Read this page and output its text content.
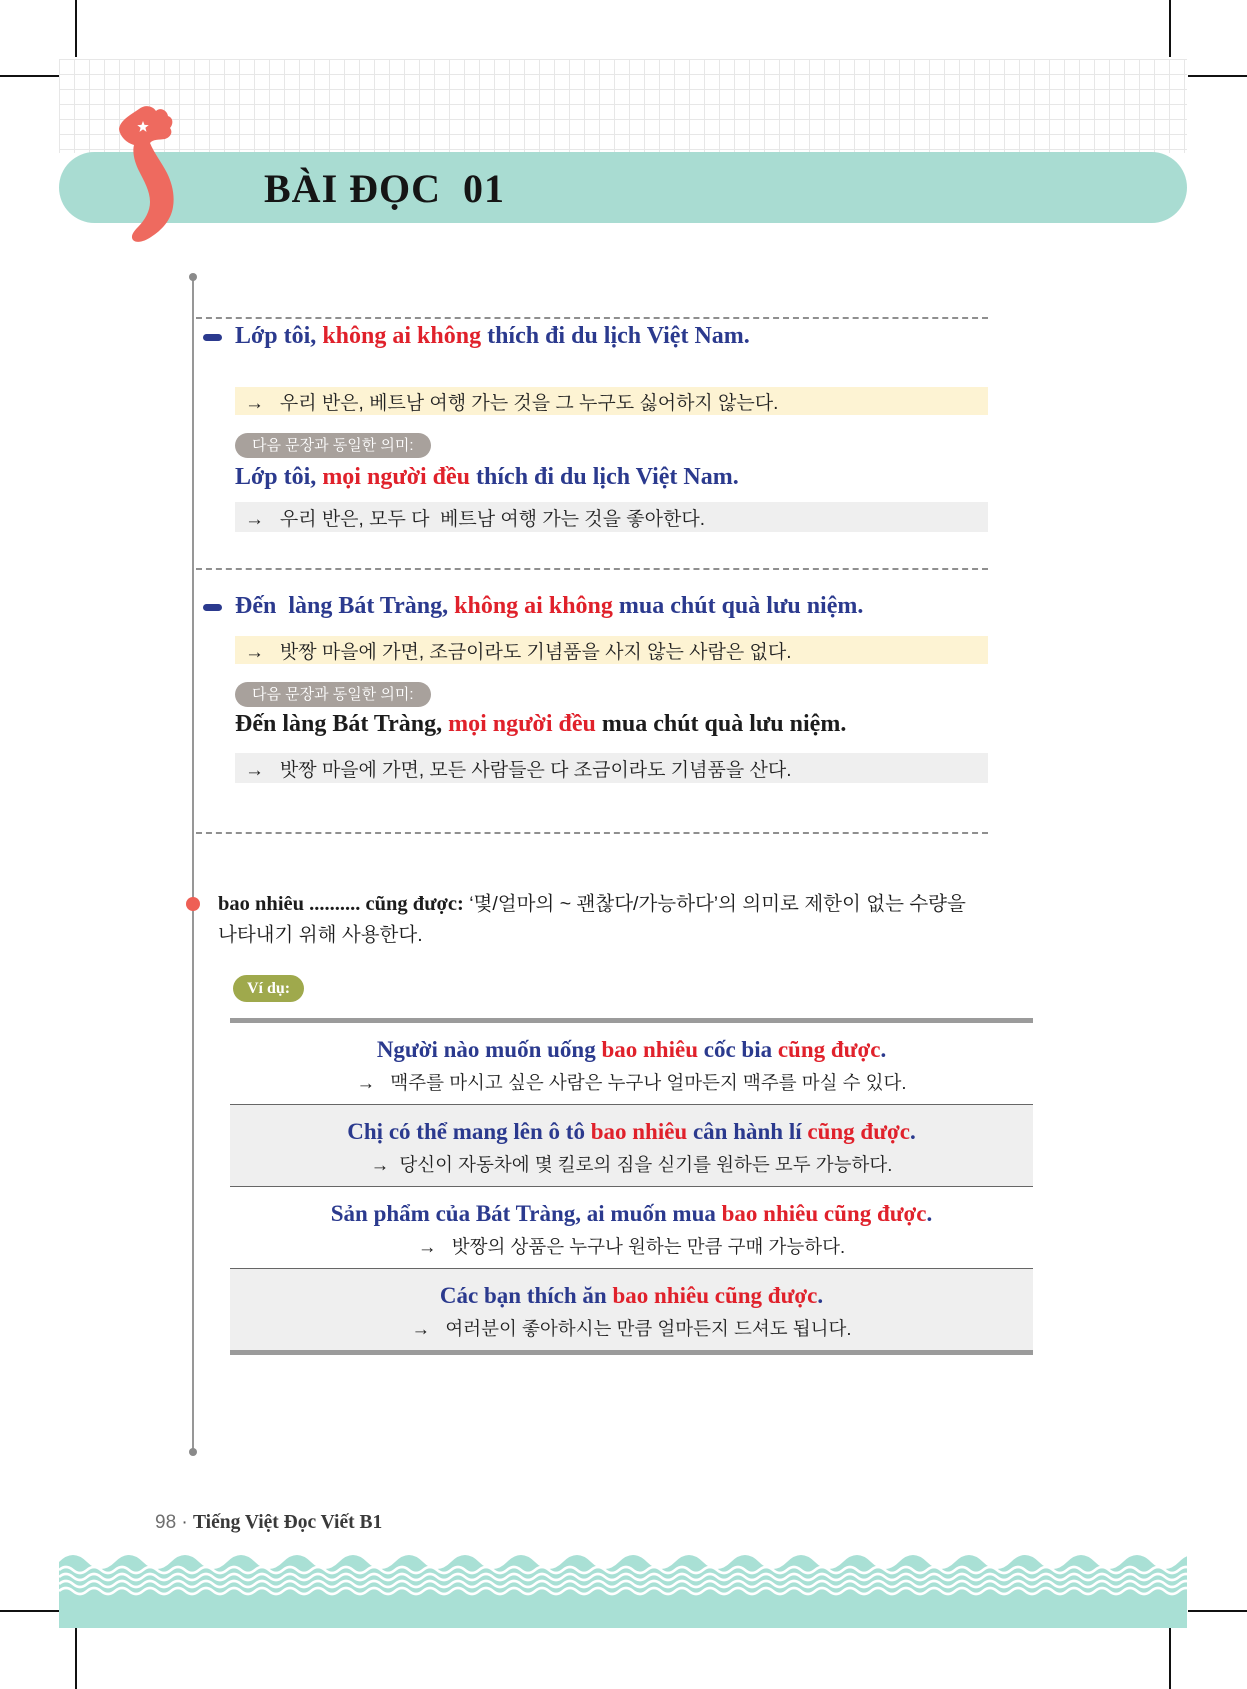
BÀI ĐỌC  01
Lớp tôi, không ai không thích đi du lịch Việt Nam.
→   우리 반은, 베트남 여행 가는 것을 그 누구도 싫어하지 않는다.
다음 문장과 동일한 의미:
Lớp tôi, mọi người đều thích đi du lịch Việt Nam.
→   우리 반은, 모두 다  베트남 여행 가는 것을 좋아한다.
Đến  làng Bát Tràng, không ai không mua chút quà lưu niệm.
→   밧짱 마을에 가면, 조금이라도 기념품을 사지 않는 사람은 없다.
다음 문장과 동일한 의미:
Đến làng Bát Tràng, mọi người đều mua chút quà lưu niệm.
→   밧짱 마을에 가면, 모든 사람들은 다 조금이라도 기념품을 산다.
bao nhiêu .......... cũng được: ‘몇/얼마의 ~ 괜찮다/가능하다’의 의미로 제한이 없는 수량을 나타내기 위해 사용한다.
Ví dụ:
Người nào muốn uống bao nhiêu cốc bia cũng được.
→   맥주를 마시고 싶은 사람은 누구나 얼마든지 맥주를 마실 수 있다.
Chị có thể mang lên ô tô bao nhiêu cân hành lí cũng được.
→  당신이 자동차에 몇 킬로의 짐을 싣기를 원하든 모두 가능하다.
Sản phẩm của Bát Tràng, ai muốn mua bao nhiêu cũng được.
→   밧짱의 상품은 누구나 원하는 만큼 구매 가능하다.
Các bạn thích ăn bao nhiêu cũng được.
→   여러분이 좋아하시는 만큼 얼마든지 드셔도 됩니다.
98 · Tiếng Việt Đọc Viết B1
